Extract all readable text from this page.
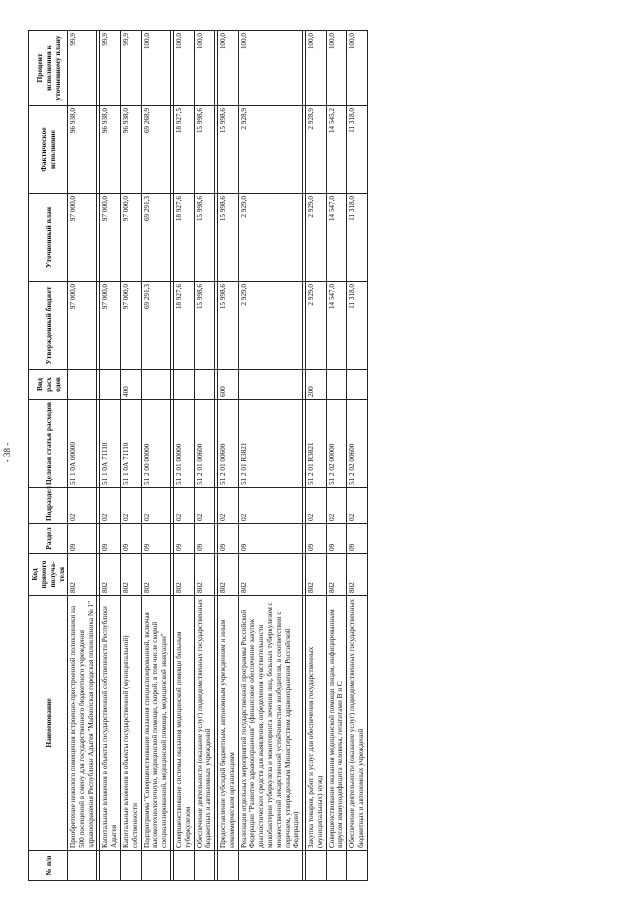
- 38 -
№ п/п	Наименование	Код прямого получа-теля	Раздел	Подраздел	Целевая статья расходов	Вид расх одов	Утвержденный бюджет	Уточненный план	Фактическое исполнение	Процент исполнения к уточненному плану
	Приобретение нежилого помещения встроенно-пристроенной поликлиники на 500 посещений в смену для государственного бюджетного учреждения здравоохранения Республики Адыгея "Майкопская городская поликлиника № 1"	802	09	02	51 1 0А 00000		97 000,0	97 000,0	96 938,0	99,9

	Капитальные вложения в объекты государственной собственности Республики Адыгея	802	09	02	51 1 0А 71110		97 000,0	97 000,0	96 938,0	99,9
	Капитальные вложения в объекты государственной (муниципальной) собственности	802	09	02	51 1 0А 71110	400	97 000,0	97 000,0	96 938,0	99,9
	Подпрограмма "Совершенствование оказания специализированной, включая высокотехнологичную, медицинской помощи, скорой, в том числе скорой специализированной, медицинской помощи, медицинской эвакуации"	802	09	02	51 2 00 00000		69 291,3	69 291,3	69 268,9	100,0

	Совершенствование системы оказания медицинской помощи больным туберкулезом	802	09	02	51 2 01 00000		18 927,6	18 927,6	18 927,5	100,0
	Обеспечение деятельности (оказание услуг) подведомственных государственных бюджетных и автономных учреждений	802	09	02	51 2 01 00600		15 998,6	15 998,6	15 998,6	100,0

	Предоставление субсидий бюджетным, автономным учреждениям и иным некоммерческим организациям	802	09	02	51 2 01 00600	600	15 998,6	15 998,6	15 998,6	100,0
	Реализация отдельных мероприятий государственной программы Российской Федерации "Развитие здравоохранения" (финансовое обеспечение закупок диагностических средств для выявления, определения чувствительности микобактерии туберкулеза и мониторинга лечения лиц, больных туберкулезом с множественной лекарственной устойчивостью возбудителя, в соответствии с перечнем, утвержденным Министерством здравоохранения Российской Федерации)	802	09	02	51 2 01 R3821		2 929,0	2 929,0	2 928,9	100,0

	Закупка товаров, работ и услуг для обеспечения государственных (муниципальных) нужд	802	09	02	51 2 01 R3821	200	2 929,0	2 929,0	2 928,9	100,0
	Совершенствование оказания медицинской помощи лицам, инфицированным вирусом иммунодефицита человека, гепатитами В и С	802	09	02	51 2 02 00000		14 547,0	14 547,0	14 545,2	100,0
	Обеспечение деятельности (оказание услуг) подведомственных государственных бюджетных и автономных учреждений	802	09	02	51 2 02 00600		11 318,0	11 318,0	11 318,0	100,0
